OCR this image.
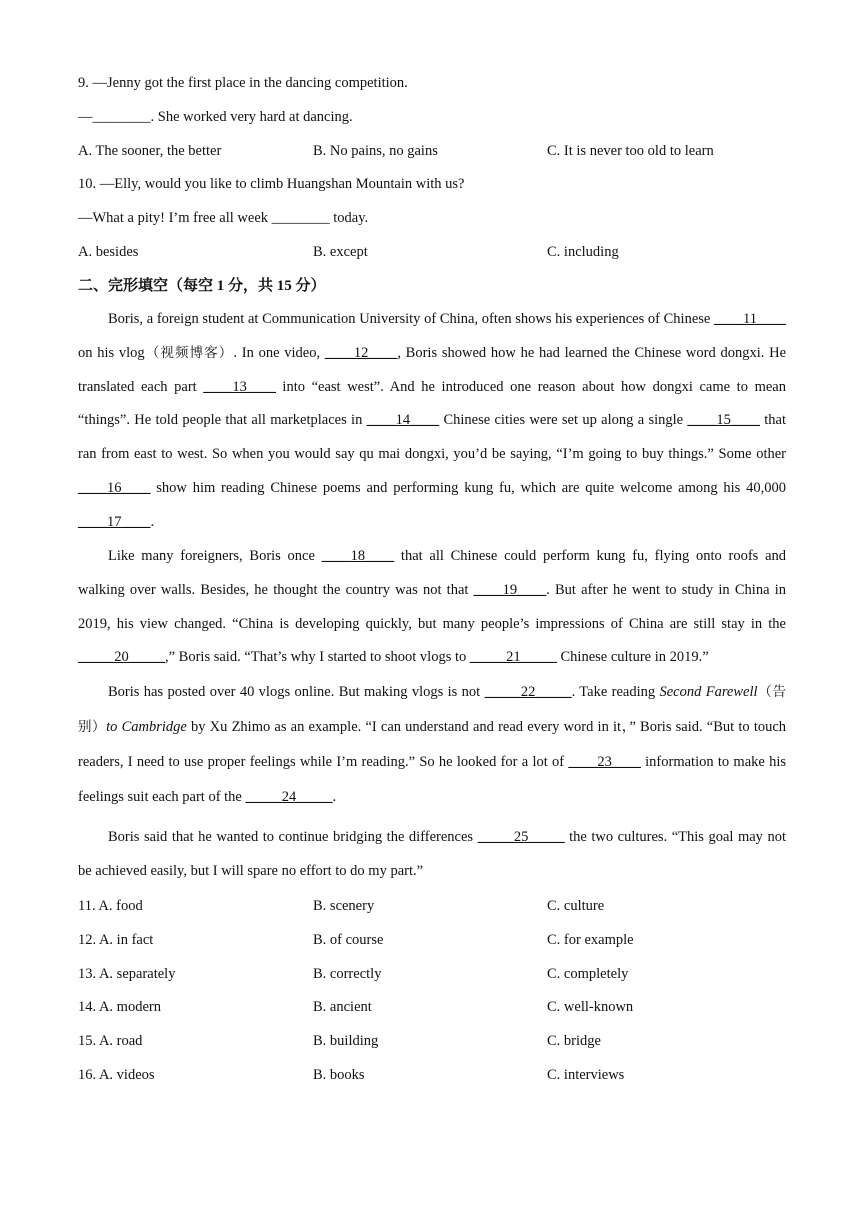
9. —Jenny got the first place in the dancing competition.
—________. She worked very hard at dancing.
A. The sooner, the better	B. No pains, no gains	C. It is never too old to learn
10. —Elly, would you like to climb Huangshan Mountain with us?
—What a pity! I’m free all week ________ today.
A. besides	B. except	C. including
二、完形填空（每空 1 分，共 15 分）
Boris, a foreign student at Communication University of China, often shows his experiences of Chinese ____11____ on his vlog（视频博客）. In one video, ____12____, Boris showed how he had learned the Chinese word dongxi. He translated each part ____13____ into “east west”. And he introduced one reason about how dongxi came to mean “things”. He told people that all marketplaces in ____14____ Chinese cities were set up along a single ____15____ that ran from east to west. So when you would say qu mai dongxi, you’d be saying, “I’m going to buy things.” Some other ____16____ show him reading Chinese poems and performing kung fu, which are quite welcome among his 40,000 ____17____.
Like many foreigners, Boris once ____18____ that all Chinese could perform kung fu, flying onto roofs and walking over walls. Besides, he thought the country was not that ____19____. But after he went to study in China in 2019, his view changed. “China is developing quickly, but many people’s impressions of China are still stay in the _____20_____,” Boris said. “That’s why I started to shoot vlogs to _____21_____ Chinese culture in 2019.”
Boris has posted over 40 vlogs online. But making vlogs is not _____22_____. Take reading Second Farewell（告别）to Cambridge by Xu Zhimo as an example. “I can understand and read every word in it，” Boris said. “But to touch readers, I need to use proper feelings while I’m reading.” So he looked for a lot of ____23____ information to make his feelings suit each part of the _____24_____.
Boris said that he wanted to continue bridging the differences _____25_____ the two cultures. “This goal may not be achieved easily, but I will spare no effort to do my part.”
11. A. food	B. scenery	C. culture
12. A. in fact	B. of course	C. for example
13. A. separately	B. correctly	C. completely
14. A. modern	B. ancient	C. well-known
15. A. road	B. building	C. bridge
16. A. videos	B. books	C. interviews
